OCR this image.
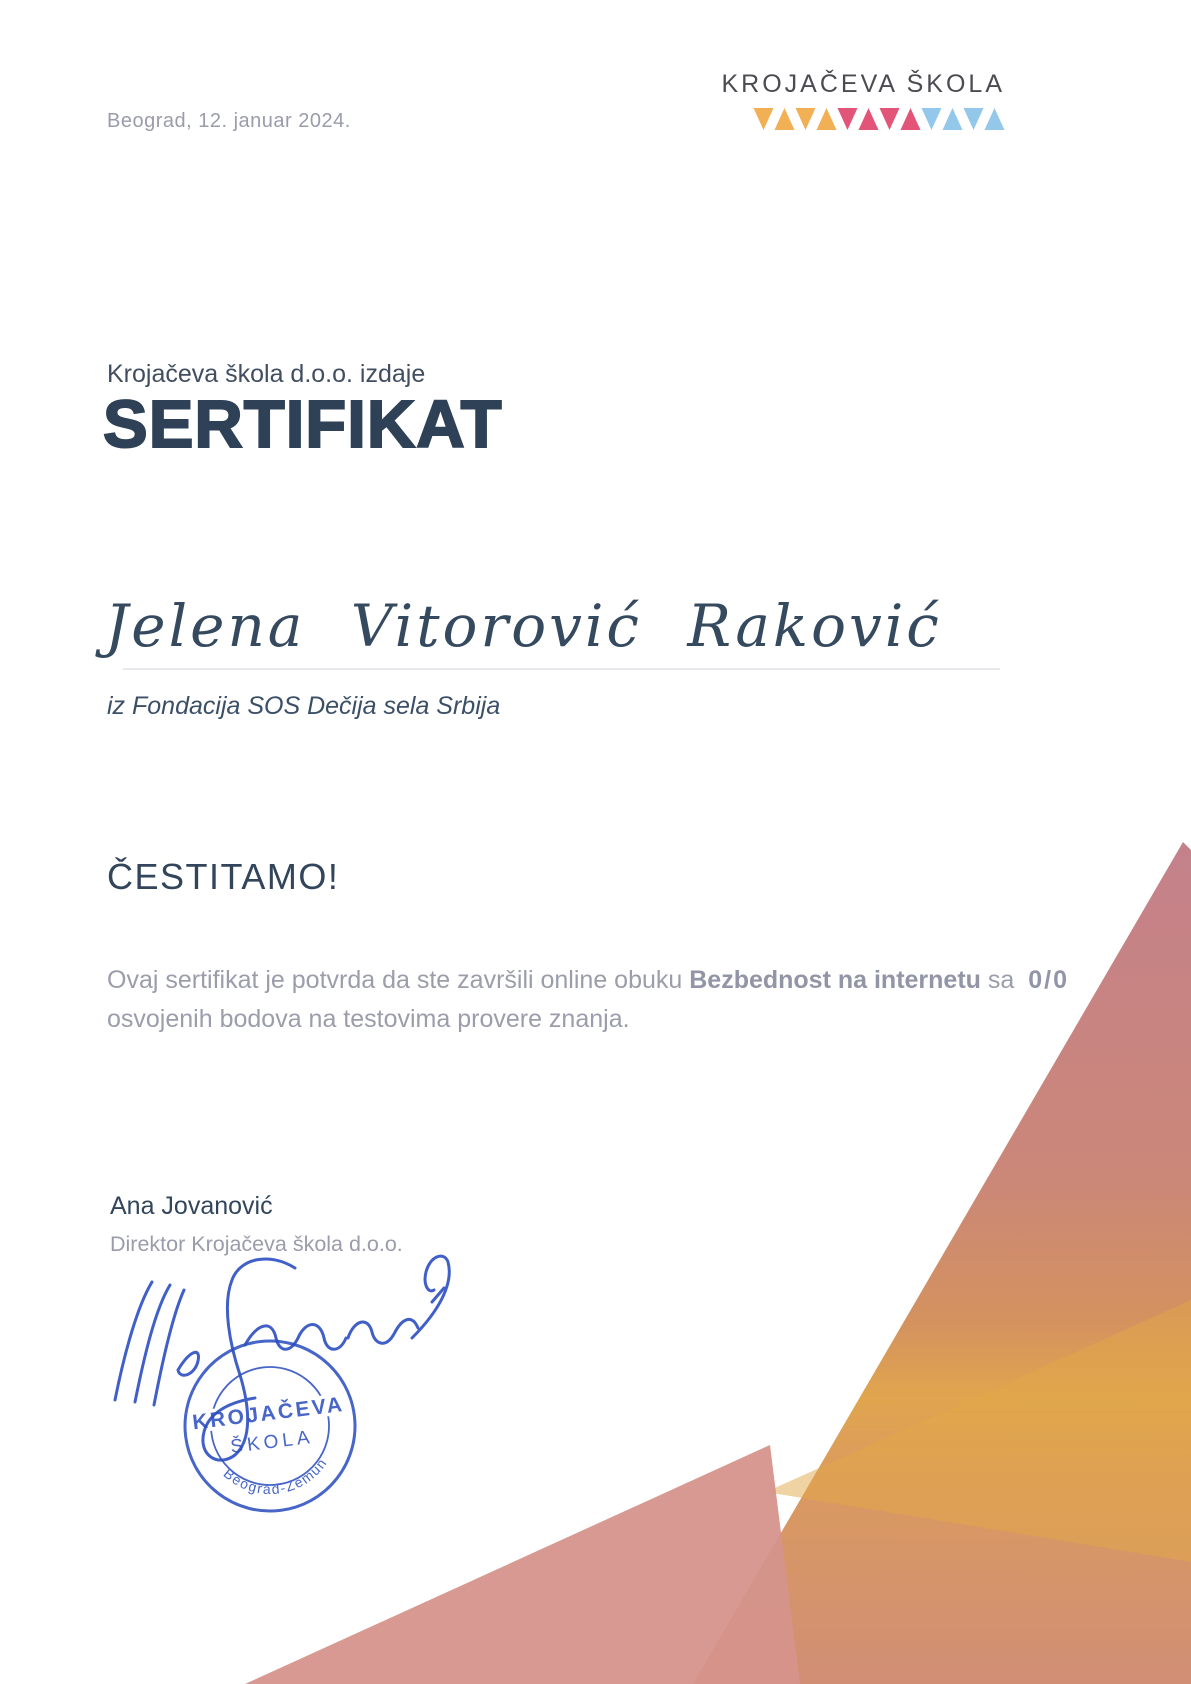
Beograd, 12. januar 2024.
KROJAČEVA ŠKOLA
Krojačeva škola d.o.o. izdaje
SERTIFIKAT
Jelena Vitorović Raković
iz Fondacija SOS Dečija sela Srbija
ČESTITAMO!

Ovaj sertifikat je potvrda da ste završili online obuku Bezbednost na internetu sa 0/0 osvojenih bodova na testovima provere znanja.

Ana Jovanović
Direktor Krojačeva škola d.o.o.
KROJAČEVA
ŠKOLA
Beograd-Zemun
